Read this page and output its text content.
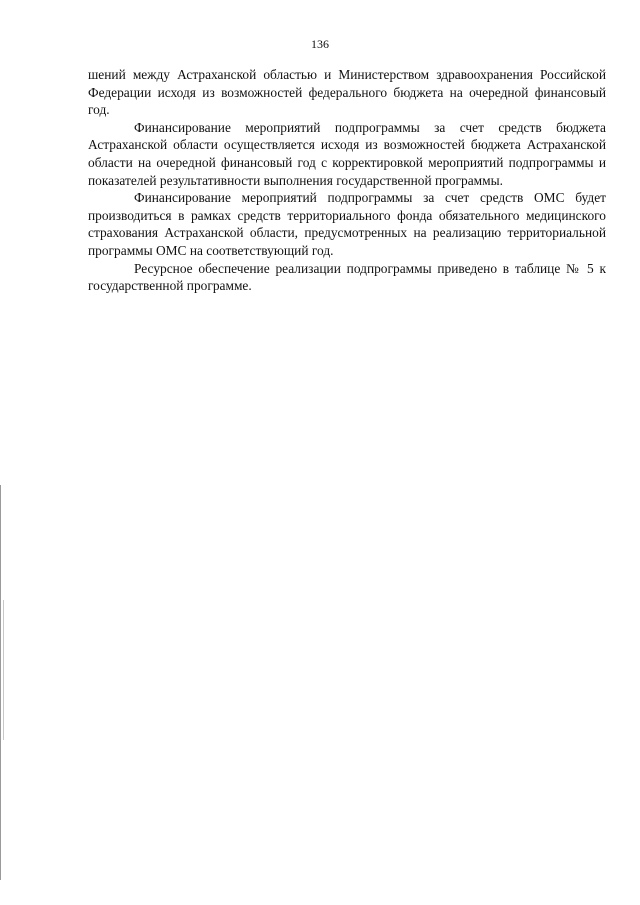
136

шений между Астраханской областью и Министерством здравоохранения Российской Федерации исходя из возможностей федерального бюджета на очередной финансовый год.

Финансирование мероприятий подпрограммы за счет средств бюджета Астраханской области осуществляется исходя из возможностей бюджета Астраханской области на очередной финансовый год с корректировкой мероприятий подпрограммы и показателей результативности выполнения государственной программы.

Финансирование мероприятий подпрограммы за счет средств ОМС будет производиться в рамках средств территориального фонда обязательного медицинского страхования Астраханской области, предусмотренных на реализацию территориальной программы ОМС на соответствующий год.

Ресурсное обеспечение реализации подпрограммы приведено в таблице № 5 к государственной программе.
